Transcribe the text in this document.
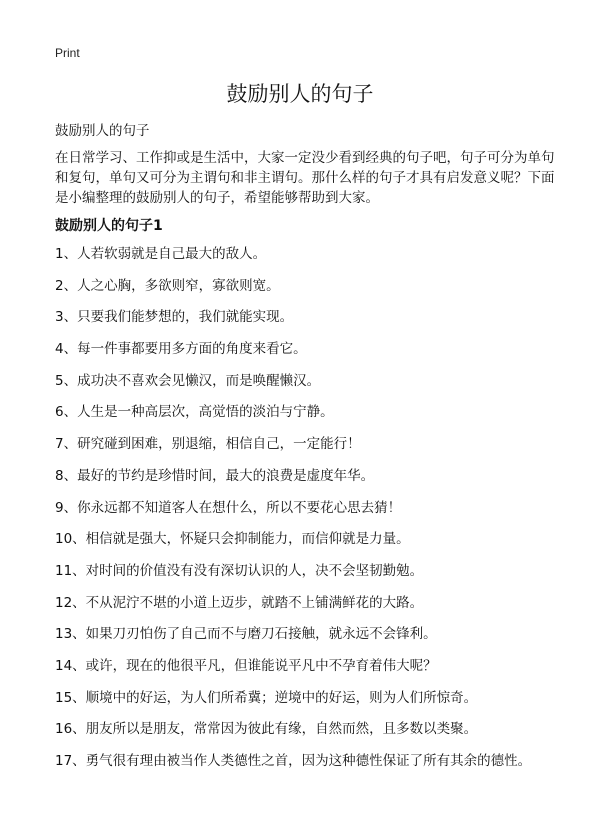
Print
鼓励别人的句子
鼓励别人的句子

在日常学习、工作抑或是生活中，大家一定没少看到经典的句子吧，句子可分为单句和复句，单句又可分为主谓句和非主谓句。那什么样的句子才具有启发意义呢？下面是小编整理的鼓励别人的句子，希望能够帮助到大家。

鼓励别人的句子1
1、人若软弱就是自己最大的敌人。
2、人之心胸，多欲则窄，寡欲则宽。
3、只要我们能梦想的，我们就能实现。
4、每一件事都要用多方面的角度来看它。
5、成功决不喜欢会见懒汉，而是唤醒懒汉。
6、人生是一种高层次，高觉悟的淡泊与宁静。
7、研究碰到困难，别退缩，相信自己，一定能行！
8、最好的节约是珍惜时间，最大的浪费是虚度年华。
9、你永远都不知道客人在想什么，所以不要花心思去猜！
10、相信就是强大，怀疑只会抑制能力，而信仰就是力量。
11、对时间的价值没有没有深切认识的人，决不会坚韧勤勉。
12、不从泥泞不堪的小道上迈步，就踏不上铺满鲜花的大路。
13、如果刀刃怕伤了自己而不与磨刀石接触，就永远不会锋利。
14、或许，现在的他很平凡，但谁能说平凡中不孕育着伟大呢？
15、顺境中的好运，为人们所希冀；逆境中的好运，则为人们所惊奇。
16、朋友所以是朋友，常常因为彼此有缘，自然而然，且多数以类聚。
17、勇气很有理由被当作人类德性之首，因为这种德性保证了所有其余的德性。
